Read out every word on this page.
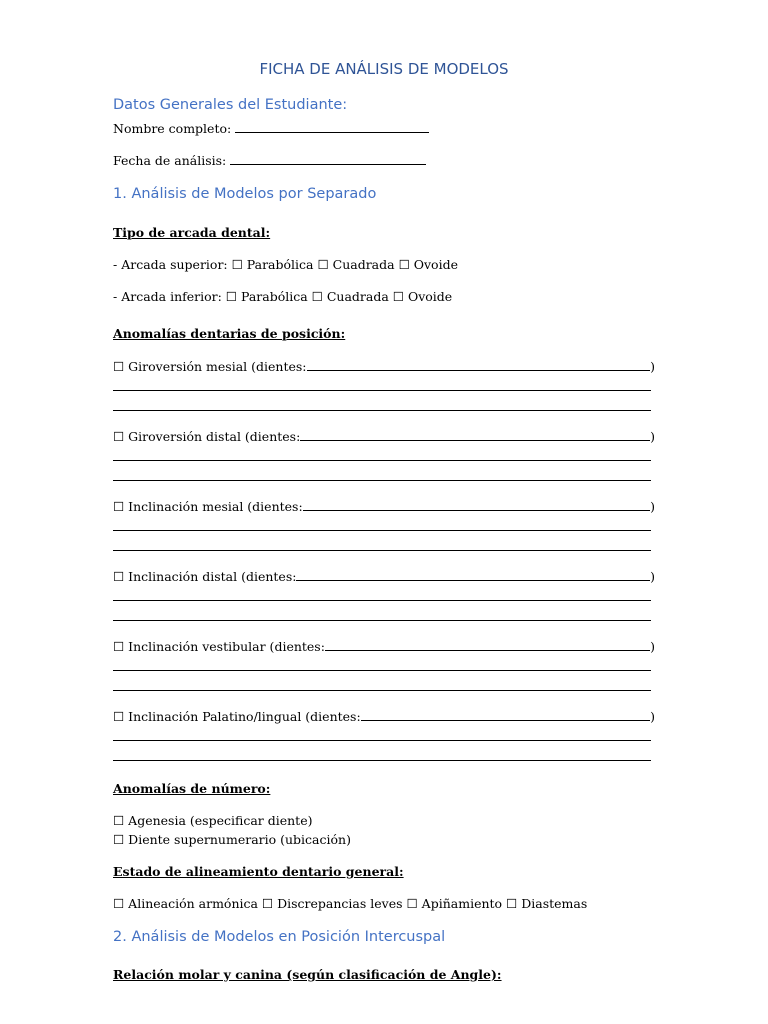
FICHA DE ANÁLISIS DE MODELOS
Datos Generales del Estudiante:
Nombre completo:
Fecha de análisis:
1. Análisis de Modelos por Separado
Tipo de arcada dental:
- Arcada superior: ☐ Parabólica ☐ Cuadrada ☐ Ovoide
- Arcada inferior: ☐ Parabólica ☐ Cuadrada ☐ Ovoide
Anomalías dentarias de posición:
☐ Giroversión mesial (dientes:	)
☐ Giroversión distal (dientes:	)
☐ Inclinación mesial (dientes:	)
☐ Inclinación distal (dientes:	)
☐ Inclinación vestibular (dientes:	)
☐ Inclinación Palatino/lingual (dientes:	)
Anomalías de número:
☐ Agenesia (especificar diente)
☐ Diente supernumerario (ubicación)
Estado de alineamiento dentario general:
☐ Alineación armónica ☐ Discrepancias leves ☐ Apiñamiento ☐ Diastemas
2. Análisis de Modelos en Posición Intercuspal
Relación molar y canina (según clasificación de Angle):
